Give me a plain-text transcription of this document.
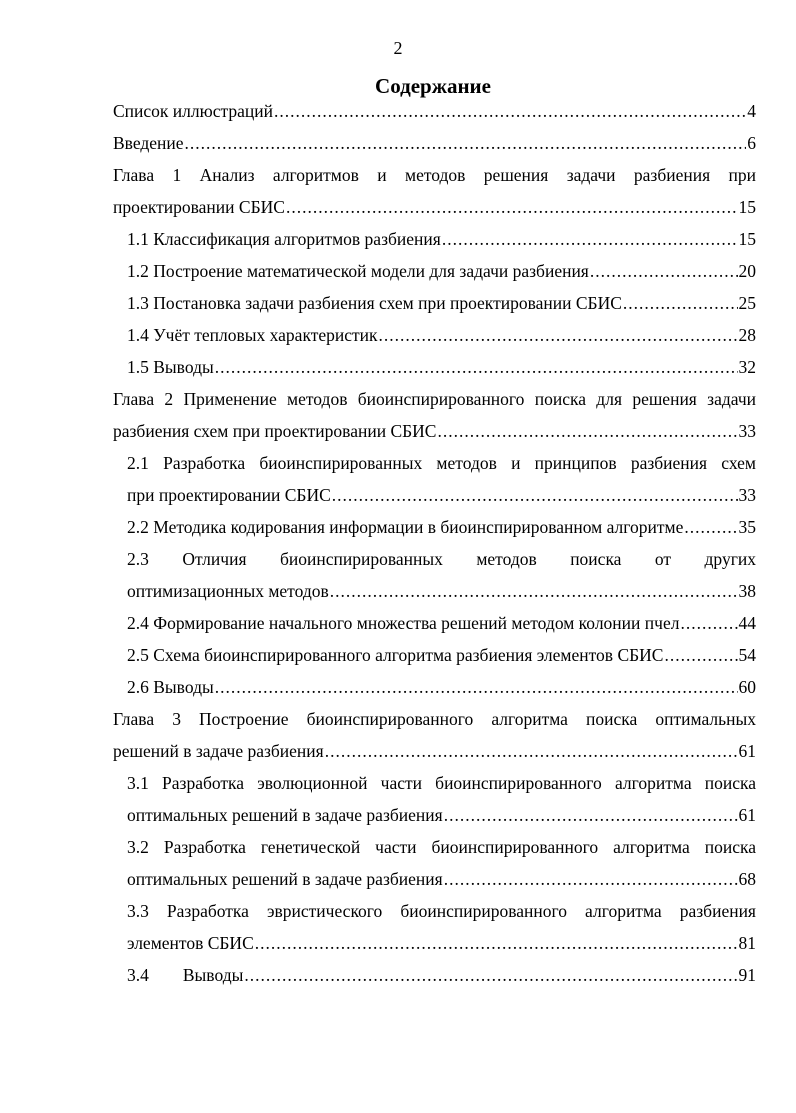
2
Содержание
Список иллюстраций .....	4
Введение .....	6
Глава 1 Анализ алгоритмов и методов решения задачи разбиения при
проектировании СБИС .....	15
1.1 Классификация алгоритмов разбиения .....	15
1.2 Построение математической модели для задачи разбиения .....	20
1.3 Постановка задачи разбиения схем при проектировании СБИС .....	25
1.4 Учёт тепловых характеристик .....	28
1.5 Выводы .....	32
Глава 2 Применение методов биоинспирированного поиска для решения задачи
разбиения схем при проектировании СБИС .....	33
2.1 Разработка биоинспирированных методов и принципов разбиения схем
при проектировании СБИС .....	33
2.2 Методика кодирования информации в биоинспирированном алгоритме .....	35
2.3 Отличия биоинспирированных методов поиска от других
оптимизационных методов .....	38
2.4 Формирование начального множества решений методом колонии пчел .....	44
2.5 Схема биоинспирированного алгоритма разбиения элементов СБИС .....	54
2.6 Выводы .....	60
Глава 3 Построение биоинспирированного алгоритма поиска оптимальных
решений в задаче разбиения .....	61
3.1 Разработка эволюционной части биоинспирированного алгоритма поиска
оптимальных решений в задаче разбиения .....	61
3.2 Разработка генетической части биоинспирированного алгоритма поиска
оптимальных решений в задаче разбиения .....	68
3.3 Разработка эвристического биоинспирированного алгоритма разбиения
элементов СБИС .....	81
3.4 Выводы .....	91
